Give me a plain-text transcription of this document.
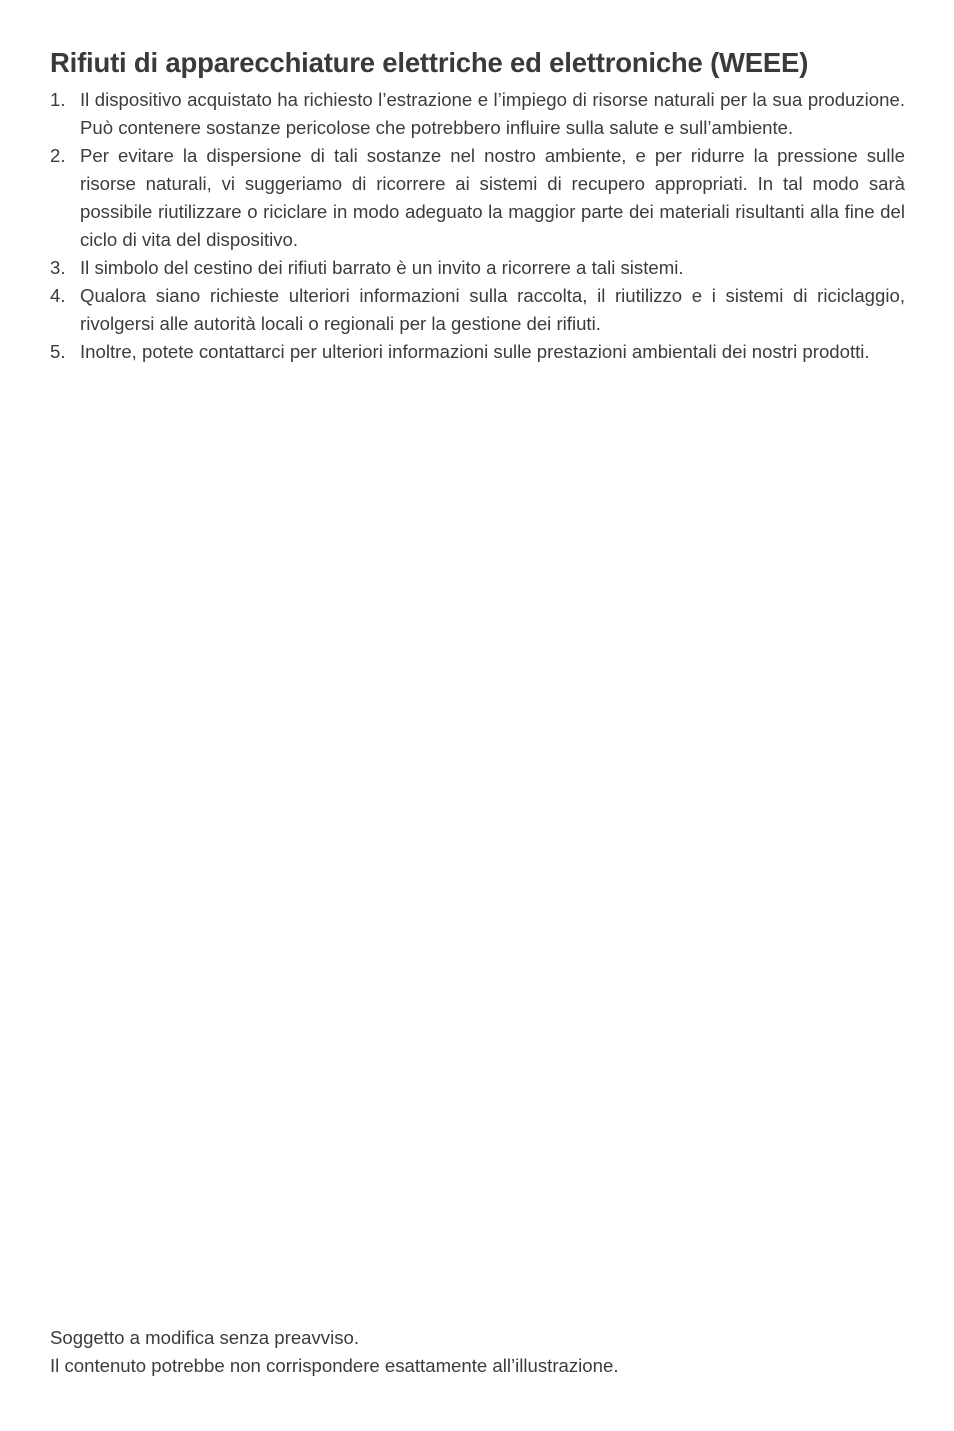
Rifiuti di apparecchiature elettriche ed elettroniche (WEEE)
1. Il dispositivo acquistato ha richiesto l’estrazione e l’impiego di risorse naturali per la sua produzione. Può contenere sostanze pericolose che potrebbero influire sulla salute e sull’ambiente.
2. Per evitare la dispersione di tali sostanze nel nostro ambiente, e per ridurre la pressione sulle risorse naturali, vi suggeriamo di ricorrere ai sistemi di recupero appropriati. In tal modo sarà possibile riutilizzare o riciclare in modo adeguato la maggior parte dei materiali risultanti alla fine del ciclo di vita del dispositivo.
3. Il simbolo del cestino dei rifiuti barrato è un invito a ricorrere a tali sistemi.
4. Qualora siano richieste ulteriori informazioni sulla raccolta, il riutilizzo e i sistemi di riciclaggio, rivolgersi alle autorità locali o regionali per la gestione dei rifiuti.
5. Inoltre, potete contattarci per ulteriori informazioni sulle prestazioni ambientali dei nostri prodotti.
Soggetto a modifica senza preavviso.
Il contenuto potrebbe non corrispondere esattamente all’illustrazione.
